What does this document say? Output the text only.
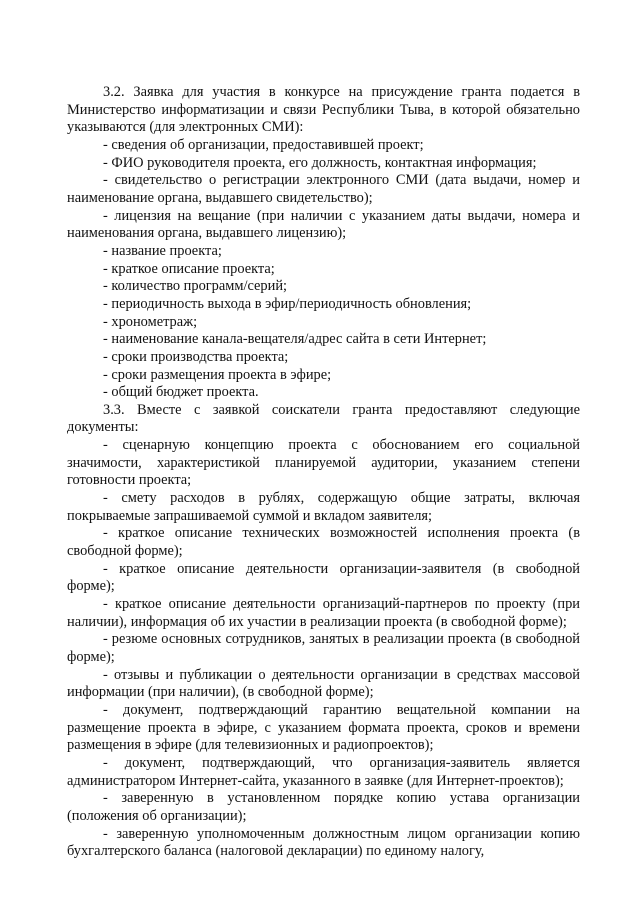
3.2. Заявка для участия в конкурсе на присуждение гранта подается в Министерство информатизации и связи Республики Тыва, в которой обязательно указываются (для электронных СМИ):

- сведения об организации, предоставившей проект;

- ФИО руководителя проекта, его должность, контактная информация;

- свидетельство о регистрации электронного СМИ (дата выдачи, номер и наименование органа, выдавшего свидетельство);

- лицензия на вещание (при наличии с указанием даты выдачи, номера и наименования органа, выдавшего лицензию);

- название проекта;

- краткое описание проекта;

- количество программ/серий;

- периодичность выхода в эфир/периодичность обновления;

- хронометраж;

- наименование канала-вещателя/адрес сайта в сети Интернет;

- сроки производства проекта;

- сроки размещения проекта в эфире;

- общий бюджет проекта.

3.3. Вместе с заявкой соискатели гранта предоставляют следующие документы:

- сценарную концепцию проекта с обоснованием его социальной значимости, характеристикой планируемой аудитории, указанием степени готовности проекта;

- смету расходов в рублях, содержащую общие затраты, включая покрываемые запрашиваемой суммой и вкладом заявителя;

- краткое описание технических возможностей исполнения проекта (в свободной форме);

- краткое описание деятельности организации-заявителя (в свободной форме);

- краткое описание деятельности организаций-партнеров по проекту (при наличии), информация об их участии в реализации проекта (в свободной форме);

- резюме основных сотрудников, занятых в реализации проекта (в свободной форме);

- отзывы и публикации о деятельности организации в средствах массовой информации (при наличии), (в свободной форме);

- документ, подтверждающий гарантию вещательной компании на размещение проекта в эфире, с указанием формата проекта, сроков и времени размещения в эфире (для телевизионных и радиопроектов);

- документ, подтверждающий, что организация-заявитель является администратором Интернет-сайта, указанного в заявке (для Интернет-проектов);

- заверенную в установленном порядке копию устава организации (положения об организации);

- заверенную уполномоченным должностным лицом организации копию бухгалтерского баланса (налоговой декларации) по единому налогу,
